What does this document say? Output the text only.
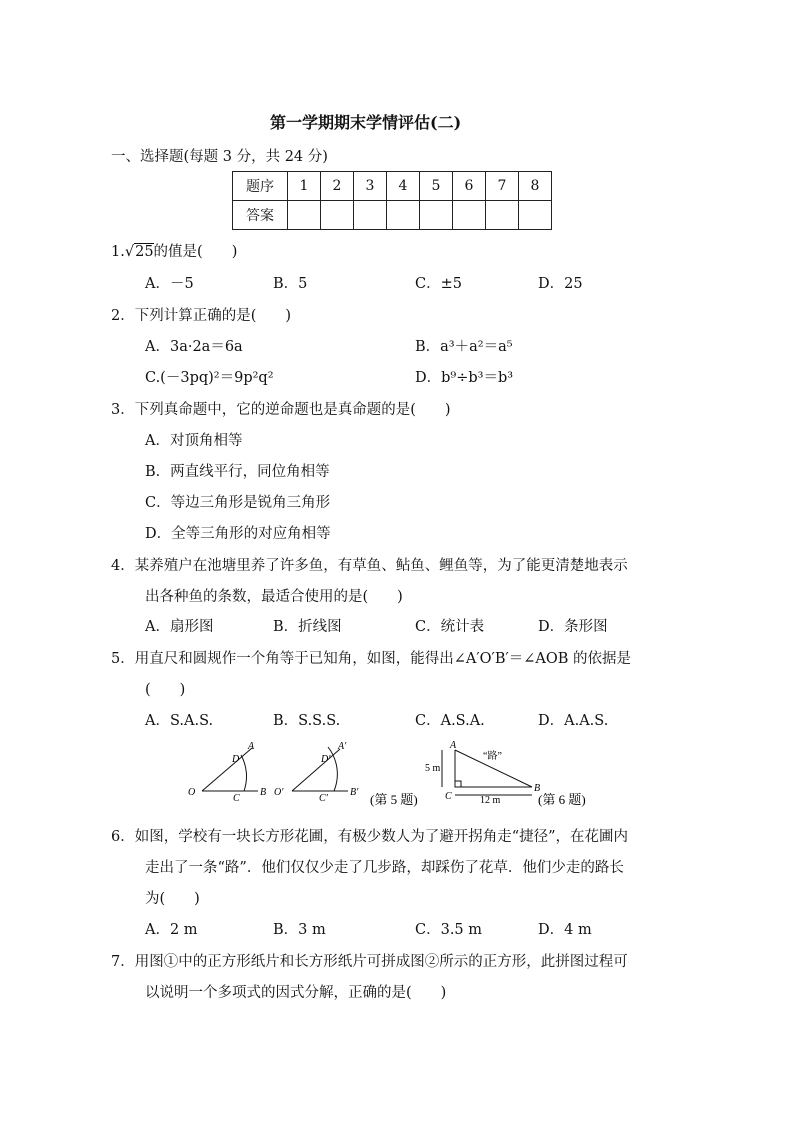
第一学期期末学情评估(二)
一、选择题(每题 3 分，共 24 分)
题序	1	2	3	4	5	6	7	8
答案								
1.√25的值是(　　)
A．－5	B．5	C．±5	D．25
2．下列计算正确的是(　　)
A．3a·2a＝6a	B．a³＋a²＝a⁵
C.(－3pq)²＝9p²q²	D．b⁹÷b³＝b³
3．下列真命题中，它的逆命题也是真命题的是(　　)
A．对顶角相等
B．两直线平行，同位角相等
C．等边三角形是锐角三角形
D．全等三角形的对应角相等
4．某养殖户在池塘里养了许多鱼，有草鱼、鲇鱼、鲤鱼等，为了能更清楚地表示
出各种鱼的条数，最适合使用的是(　　)
A．扇形图	B．折线图	C．统计表	D．条形图
5．用直尺和圆规作一个角等于已知角，如图，能得出∠A′O′B′＝∠AOB 的依据是
(　　)
A．S.A.S.	B．S.S.S.	C．A.S.A.	D．A.A.S.
O
A
D
C
B O′
A′
D′
C′
B′ (第 5 题)
A
C
B
“路”
5 m
12 m	(第 6 题)
6．如图，学校有一块长方形花圃，有极少数人为了避开拐角走“捷径”，在花圃内
走出了一条“路”．他们仅仅少走了几步路，却踩伤了花草．他们少走的路长
为(　　)
A．2 m	B．3 m	C．3.5 m	D．4 m
7．用图①中的正方形纸片和长方形纸片可拼成图②所示的正方形，此拼图过程可
以说明一个多项式的因式分解，正确的是(　　)
